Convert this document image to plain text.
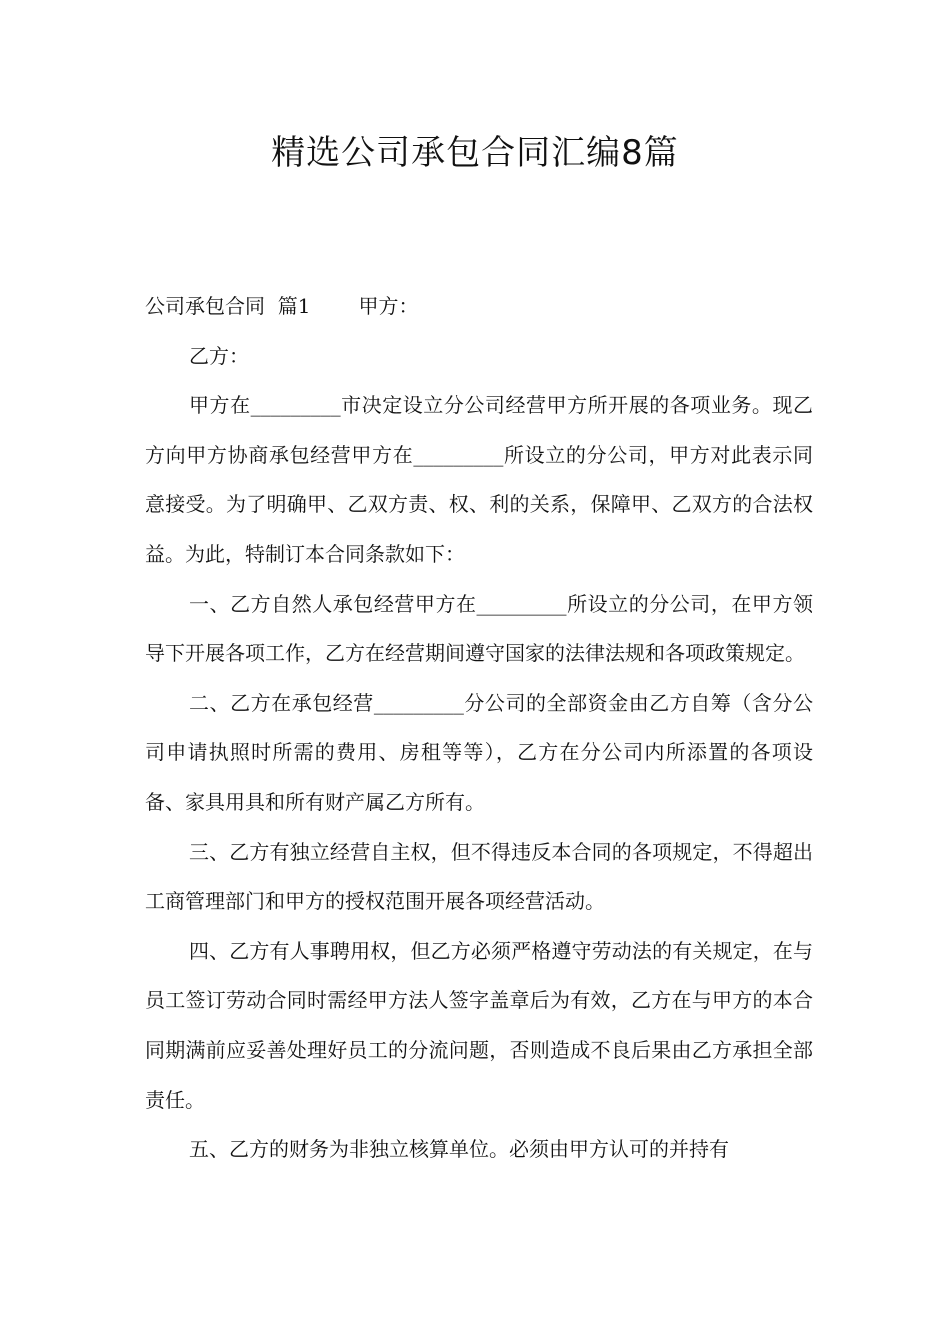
精选公司承包合同汇编8篇

公司承包合同  篇1 甲方：

乙方：

甲方在_________市决定设立分公司经营甲方所开展的各项业务。现乙方向甲方协商承包经营甲方在_________所设立的分公司，甲方对此表示同意接受。为了明确甲、乙双方责、权、利的关系，保障甲、乙双方的合法权益。为此，特制订本合同条款如下：

一、乙方自然人承包经营甲方在_________所设立的分公司，在甲方领导下开展各项工作，乙方在经营期间遵守国家的法律法规和各项政策规定。

二、乙方在承包经营_________分公司的全部资金由乙方自筹（含分公司申请执照时所需的费用、房租等等），乙方在分公司内所添置的各项设备、家具用具和所有财产属乙方所有。

三、乙方有独立经营自主权，但不得违反本合同的各项规定，不得超出工商管理部门和甲方的授权范围开展各项经营活动。

四、乙方有人事聘用权，但乙方必须严格遵守劳动法的有关规定，在与员工签订劳动合同时需经甲方法人签字盖章后为有效，乙方在与甲方的本合同期满前应妥善处理好员工的分流问题，否则造成不良后果由乙方承担全部责任。

五、乙方的财务为非独立核算单位。必须由甲方认可的并持有
